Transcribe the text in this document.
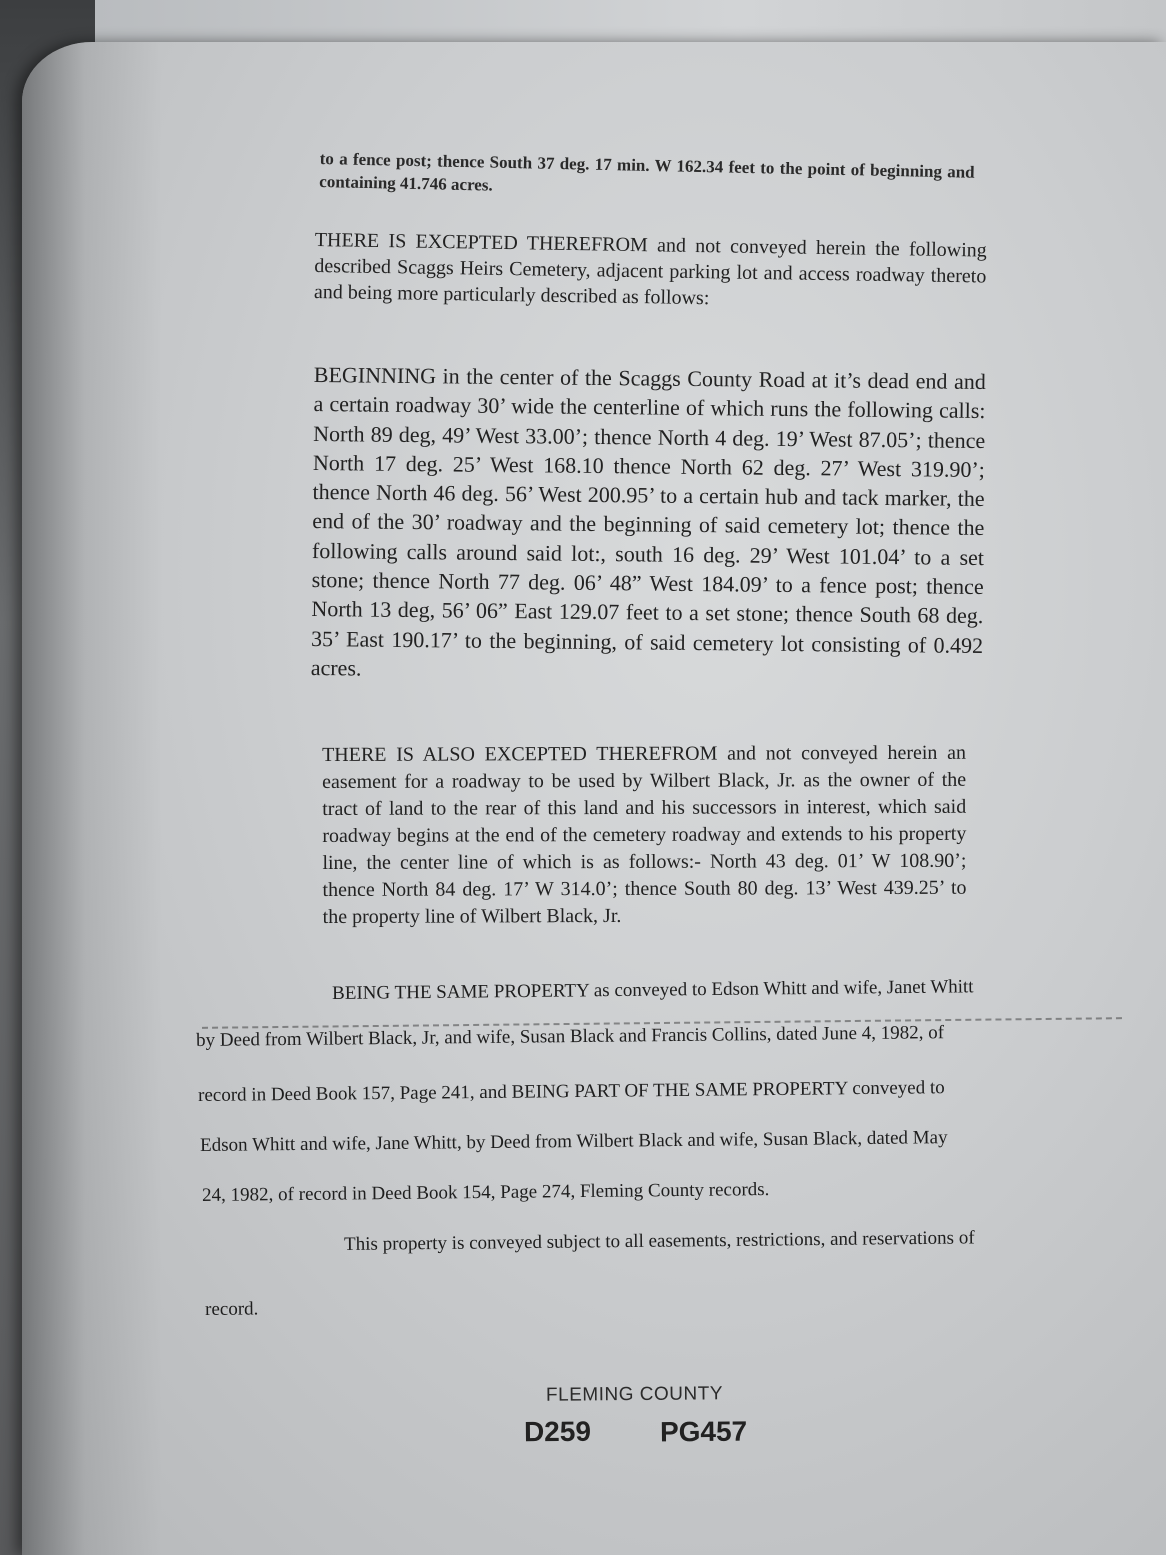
to a fence post; thence South 37 deg. 17 min. W 162.34 feet to the point of beginning and containing 41.746 acres.

THERE IS EXCEPTED THEREFROM and not conveyed herein the following described Scaggs Heirs Cemetery, adjacent parking lot and access roadway thereto and being more particularly described as follows:

BEGINNING in the center of the Scaggs County Road at it’s dead end and a certain roadway 30’ wide the centerline of which runs the following calls: North 89 deg, 49’ West 33.00’; thence North 4 deg. 19’ West 87.05’; thence North 17 deg. 25’ West 168.10 thence North 62 deg. 27’ West 319.90’; thence North 46 deg. 56’ West 200.95’ to a certain hub and tack marker, the end of the 30’ roadway and the beginning of said cemetery lot; thence the following calls around said lot:, south 16 deg. 29’ West 101.04’ to a set stone; thence North 77 deg. 06’ 48” West 184.09’ to a fence post; thence North 13 deg, 56’ 06” East 129.07 feet to a set stone; thence South 68 deg. 35’ East 190.17’ to the beginning, of said cemetery lot consisting of 0.492 acres.

THERE IS ALSO EXCEPTED THEREFROM and not conveyed herein an easement for a roadway to be used by Wilbert Black, Jr. as the owner of the tract of land to the rear of this land and his successors in interest, which said roadway begins at the end of the cemetery roadway and extends to his property line, the center line of which is as follows:- North 43 deg. 01’ W 108.90’; thence North 84 deg. 17’ W 314.0’; thence South 80 deg. 13’ West 439.25’ to the property line of Wilbert Black, Jr.

BEING THE SAME PROPERTY as conveyed to Edson Whitt and wife, Janet Whitt

by Deed from Wilbert Black, Jr, and wife, Susan Black and Francis Collins, dated June 4, 1982, of

record in Deed Book 157, Page 241, and BEING PART OF THE SAME PROPERTY conveyed to

Edson Whitt and wife, Jane Whitt, by Deed from Wilbert Black and wife, Susan Black, dated May

24, 1982, of record in Deed Book 154, Page 274, Fleming County records.

This property is conveyed subject to all easements, restrictions, and reservations of

record.

FLEMING COUNTY
D259 PG457
